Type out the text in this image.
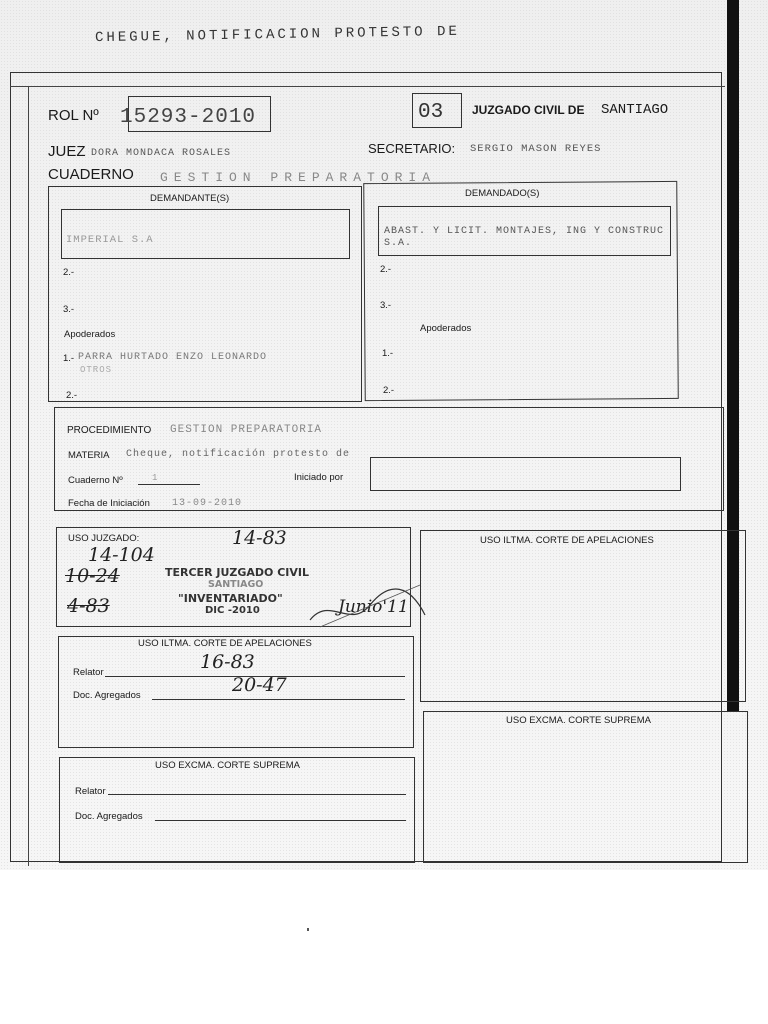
CHEGUE, NOTIFICACION PROTESTO DE
ROL Nº 15293-2010	03 JUZGADO CIVIL DE SANTIAGO
JUEZ DORA MONDACA ROSALES	SECRETARIO: SERGIO MASON REYES
CUADERNO GESTION PREPARATORIA
DEMANDANTE(S)
IMPERIAL S.A
2.-
3.-
Apoderados
1.- PARRA HURTADO ENZO LEONARDO
OTROS
2.-
DEMANDADO(S)
ABAST. Y LICIT. MONTAJES, ING Y CONSTRUC S.A.
2.-
3.-
Apoderados
1.-
2.-
PROCEDIMIENTO GESTION PREPARATORIA
MATERIA Cheque, notificación protesto de
Cuaderno Nº	1	Iniciado por
Fecha de Iniciación 13-09-2010
USO JUZGADO:
14-104
14-83
10-24
4-83
TERCER JUZGADO CIVIL
SANTIAGO
"INVENTARIADO"
DIC -2010	Junio'11
USO ILTMA. CORTE DE APELACIONES
Relator	16-83
Doc. Agregados	20-47
USO EXCMA. CORTE SUPREMA
Relator
Doc. Agregados
USO ILTMA. CORTE DE APELACIONES
USO EXCMA. CORTE SUPREMA
